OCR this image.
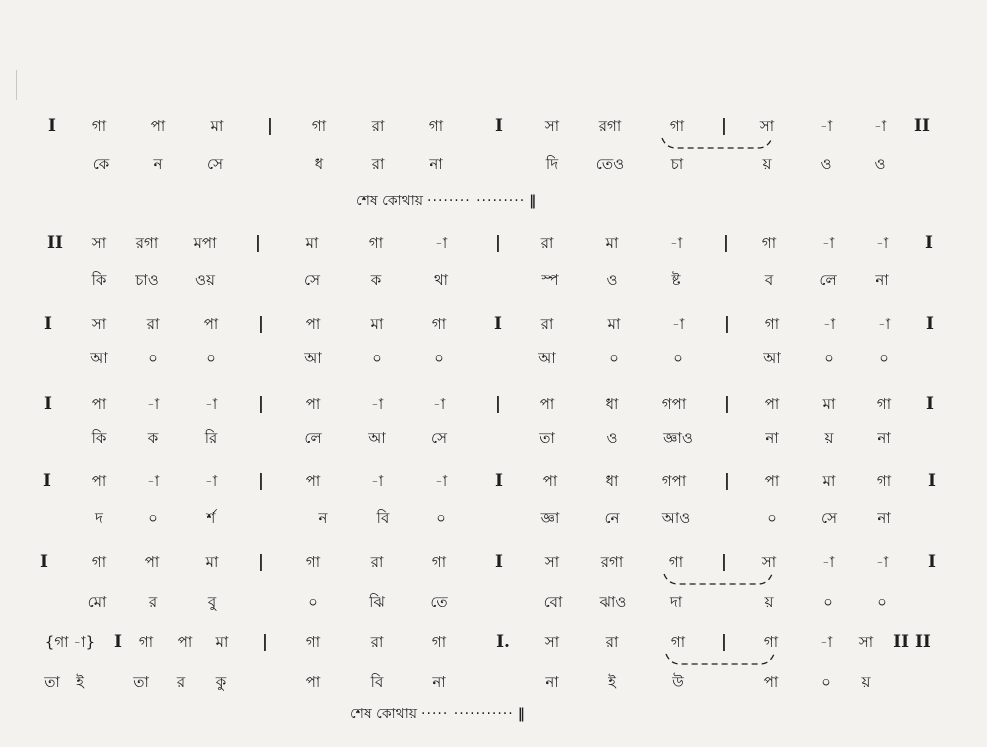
I গা	পা	মা	|	গা	রা	গা	I	সা	রগা	গা | সা	-া	-া II
কে	ন	সে	ধ	রা	না	দি	তেও	চা	য়	ও	ও
শেষ কোথায় ········ ········· ‖
II সা রগা মপা |	মা	গা	-া	|	রা	মা	-া | গা	-া	-া I
কি চাও ওয়	সে	ক	থা	স্প	ও	ষ্ট	ব	লে	না
I	সা	রা	পা |	পা	মা	গা	I	রা	মা	-া | গা	-া	-া I
আ	০	০	আ	০	০	আ	০	০	আ	০	০
I	পা	-া	-া |	পা	-া	-া	|	পা	ধা	গপা | পা	মা	গা I
কি	ক	রি	লে	আ	সে	তা	ও	জ্ঞাও	না	য়	না
I	পা	-া	-া |	পা	-া	-া	I	পা	ধা	গপা | পা	মা	গা I
দ	০	র্শ	ন	বি	০	জ্ঞা	নে	আও	০	সে	না
I	গা	পা	মা |	গা	রা	গা	I	সা	রগা	গা | সা	-া	-া I
মো	র	বু	০	ঝি	তে	বো ঝাও	দা	য়	০	০
{গা -া} I গা পা মা |	গা	রা	গা	I. সা	রা	গা | গা	-া সা II II
তা ই	তা র কু	পা	বি	না	না	ই	উ	পা	০ য়
শেষ কোথায় ····· ··········· ‖
